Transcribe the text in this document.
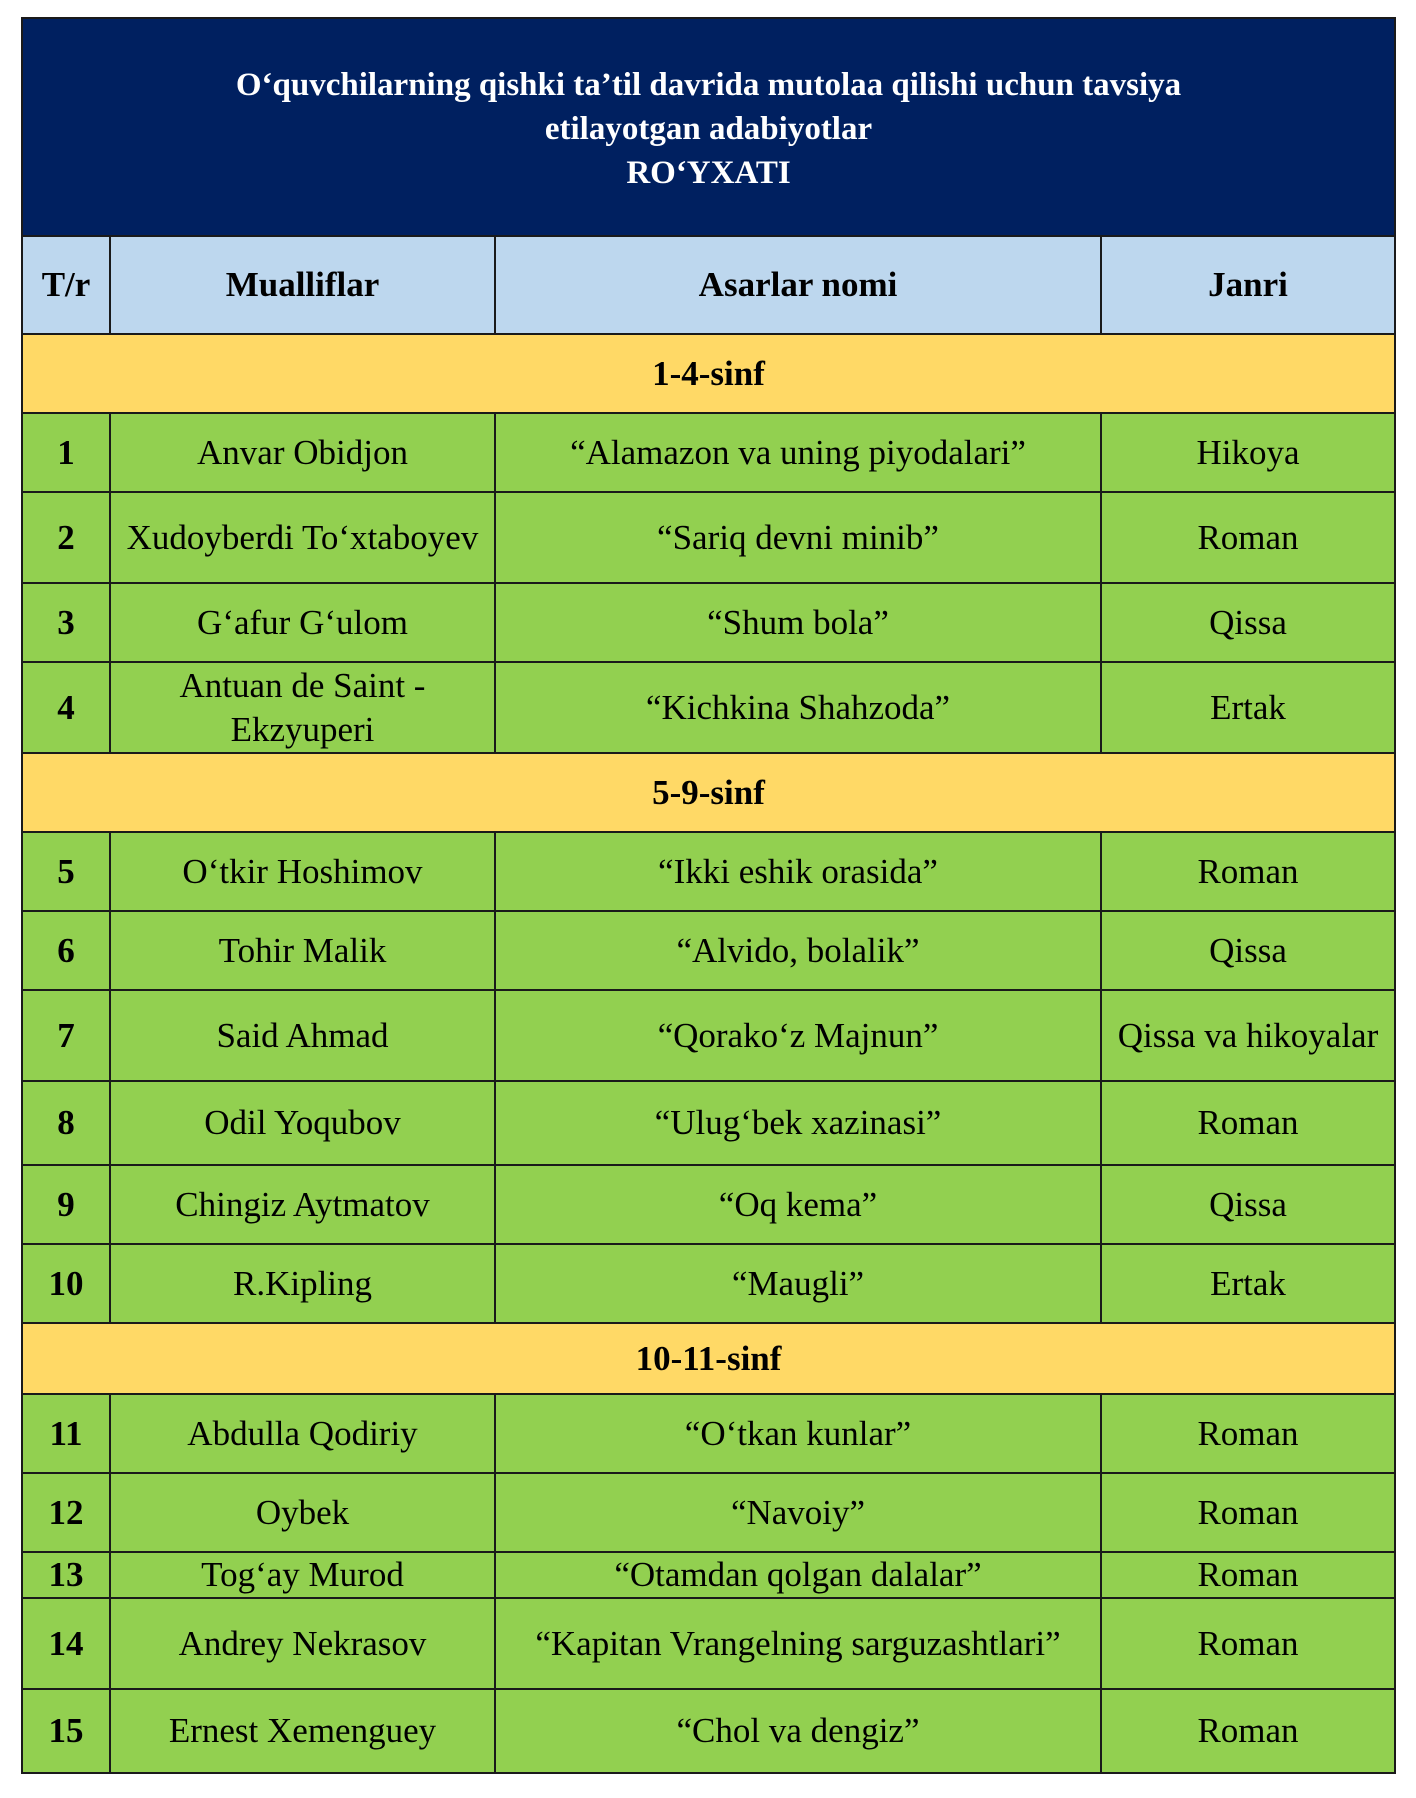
O‘quvchilarning qishki ta’til davrida mutolaa qilishi uchun tavsiya
etilayotgan adabiyotlar
RO‘YXATI			

T/r	Mualliflar	Asarlar nomi	Janri
1-4-sinf			
1	Anvar Obidjon	“Alamazon va uning piyodalari”	Hikoya
2	Xudoyberdi To‘xtaboyev	“Sariq devni minib”	Roman
3	G‘afur G‘ulom	“Shum bola”	Qissa
4	Antuan de Saint - Ekzyuperi	“Kichkina Shahzoda”	Ertak
5-9-sinf			
5	O‘tkir Hoshimov	“Ikki eshik orasida”	Roman
6	Tohir Malik	“Alvido, bolalik”	Qissa
7	Said Ahmad	“Qorako‘z Majnun”	Qissa va hikoyalar
8	Odil Yoqubov	“Ulug‘bek xazinasi”	Roman
9	Chingiz Aytmatov	“Oq kema”	Qissa
10	R.Kipling	“Maugli”	Ertak
10-11-sinf			
11	Abdulla Qodiriy	“O‘tkan kunlar”	Roman
12	Oybek	“Navoiy”	Roman
13	Tog‘ay Murod	“Otamdan qolgan dalalar”	Roman
14	Andrey Nekrasov	“Kapitan Vrangelning sarguzashtlari”	Roman
15	Ernest Xemenguey	“Chol va dengiz”	Roman
